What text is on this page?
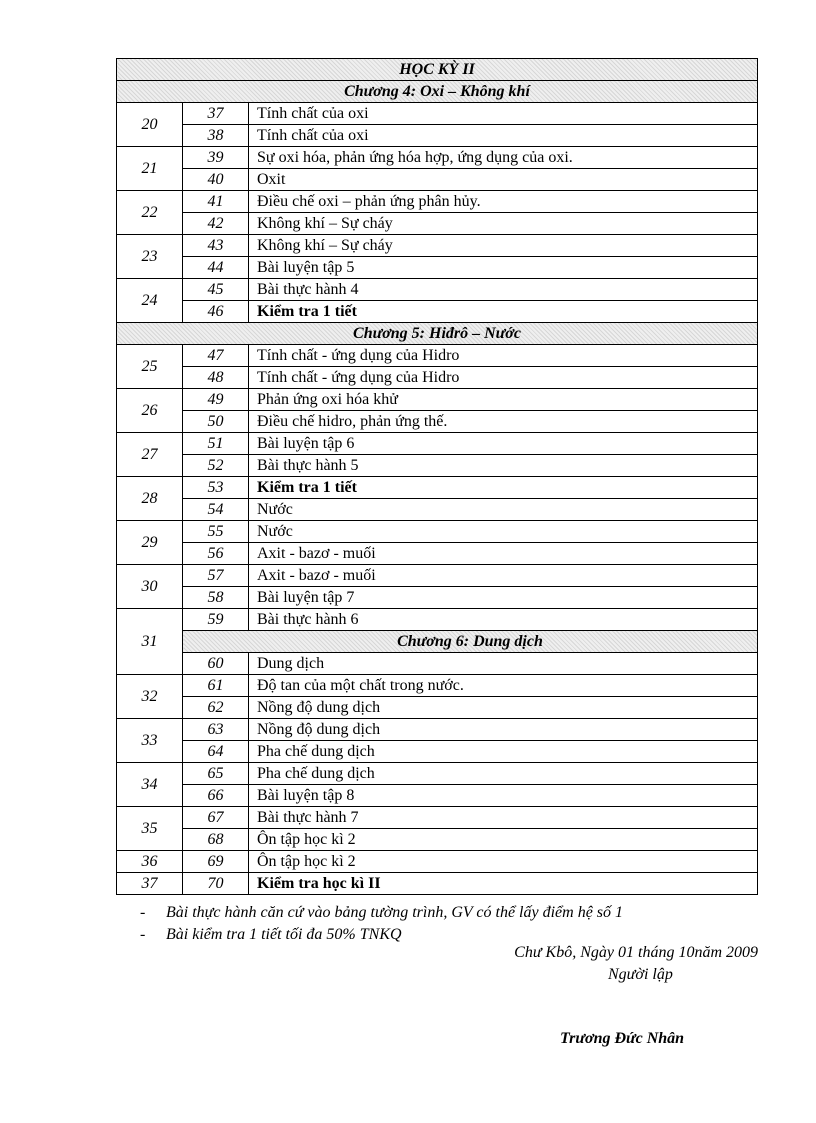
HỌC KỲ II		
Chương 4: Oxi – Không khí		
20	37	Tính chất của oxi
	38	Tính chất của oxi
21	39	Sự oxi hóa, phản ứng hóa hợp, ứng dụng của oxi.
	40	Oxit
22	41	Điều chế oxi – phản ứng phân hủy.
	42	Không khí – Sự cháy
23	43	Không khí – Sự cháy
	44	Bài luyện tập 5
24	45	Bài thực hành 4
	46	Kiểm tra 1 tiết
Chương 5: Hiđrô – Nước		
25	47	Tính chất - ứng dụng của Hidro
	48	Tính chất - ứng dụng của Hidro
26	49	Phản ứng oxi hóa khử
	50	Điều chế hidro, phản ứng thế.
27	51	Bài luyện tập 6
	52	Bài thực hành 5
28	53	Kiểm tra 1 tiết
	54	Nước
29	55	Nước
	56	Axit - bazơ - muối
30	57	Axit - bazơ - muối
	58	Bài luyện tập 7
31	59	Bài thực hành 6
	Chương 6: Dung dịch	
	60	Dung dịch
32	61	Độ tan của một chất trong nước.
	62	Nồng độ dung dịch
33	63	Nồng độ dung dịch
	64	Pha chế dung dịch
34	65	Pha chế dung dịch
	66	Bài luyện tập 8
35	67	Bài thực hành 7
	68	Ôn tập học kì 2
36	69	Ôn tập học kì 2
37	70	Kiểm tra học kì II
- Bài thực hành căn cứ vào bảng tường trình, GV có thể lấy điểm hệ số 1
- Bài kiểm tra 1 tiết tối đa 50% TNKQ
Chư Kbô, Ngày 01 tháng 10năm 2009
Người lập
Trương Đức Nhân
